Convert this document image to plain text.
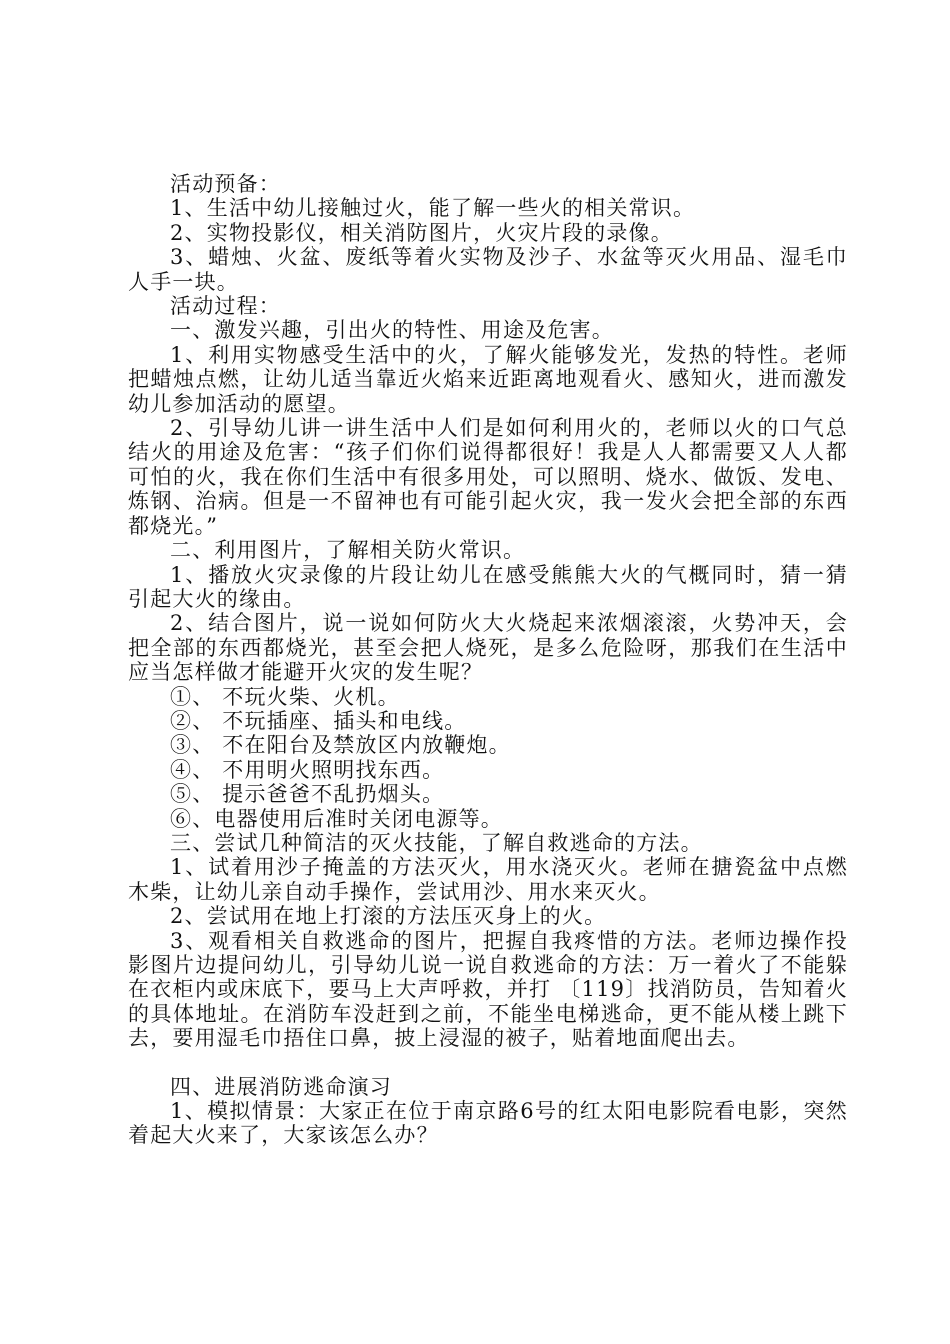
活动预备：

1、生活中幼儿接触过火，能了解一些火的相关常识。

2、实物投影仪，相关消防图片，火灾片段的录像。

3、蜡烛、火盆、废纸等着火实物及沙子、水盆等灭火用品、湿毛巾人手一块。

活动过程：

一、激发兴趣，引出火的特性、用途及危害。

1、利用实物感受生活中的火，了解火能够发光，发热的特性。老师把蜡烛点燃，让幼儿适当靠近火焰来近距离地观看火、感知火，进而激发幼儿参加活动的愿望。

2、引导幼儿讲一讲生活中人们是如何利用火的，老师以火的口气总结火的用途及危害：“孩子们你们说得都很好！我是人人都需要又人人都可怕的火，我在你们生活中有很多用处，可以照明、烧水、做饭、发电、炼钢、治病。但是一不留神也有可能引起火灾，我一发火会把全部的东西都烧光。”

二、利用图片，了解相关防火常识。

1、播放火灾录像的片段让幼儿在感受熊熊大火的气概同时，猜一猜引起大火的缘由。

2、结合图片，说一说如何防火大火烧起来浓烟滚滚，火势冲天，会把全部的东西都烧光，甚至会把人烧死，是多么危险呀，那我们在生活中应当怎样做才能避开火灾的发生呢？

①、 不玩火柴、火机。

②、 不玩插座、插头和电线。

③、 不在阳台及禁放区内放鞭炮。

④、 不用明火照明找东西。

⑤、 提示爸爸不乱扔烟头。

⑥、电器使用后准时关闭电源等。

三、尝试几种简洁的灭火技能，了解自救逃命的方法。

1、试着用沙子掩盖的方法灭火，用水浇灭火。老师在搪瓷盆中点燃木柴，让幼儿亲自动手操作，尝试用沙、用水来灭火。

2、尝试用在地上打滚的方法压灭身上的火。

3、观看相关自救逃命的图片，把握自我疼惜的方法。老师边操作投影图片边提问幼儿，引导幼儿说一说自救逃命的方法：万一着火了不能躲在衣柜内或床底下，要马上大声呼救，并打 〔119〕找消防员，告知着火的具体地址。在消防车没赶到之前，不能坐电梯逃命，更不能从楼上跳下去，要用湿毛巾捂住口鼻，披上浸湿的被子，贴着地面爬出去。

四、进展消防逃命演习

1、模拟情景：大家正在位于南京路6号的红太阳电影院看电影，突然着起大火来了，大家该怎么办？
